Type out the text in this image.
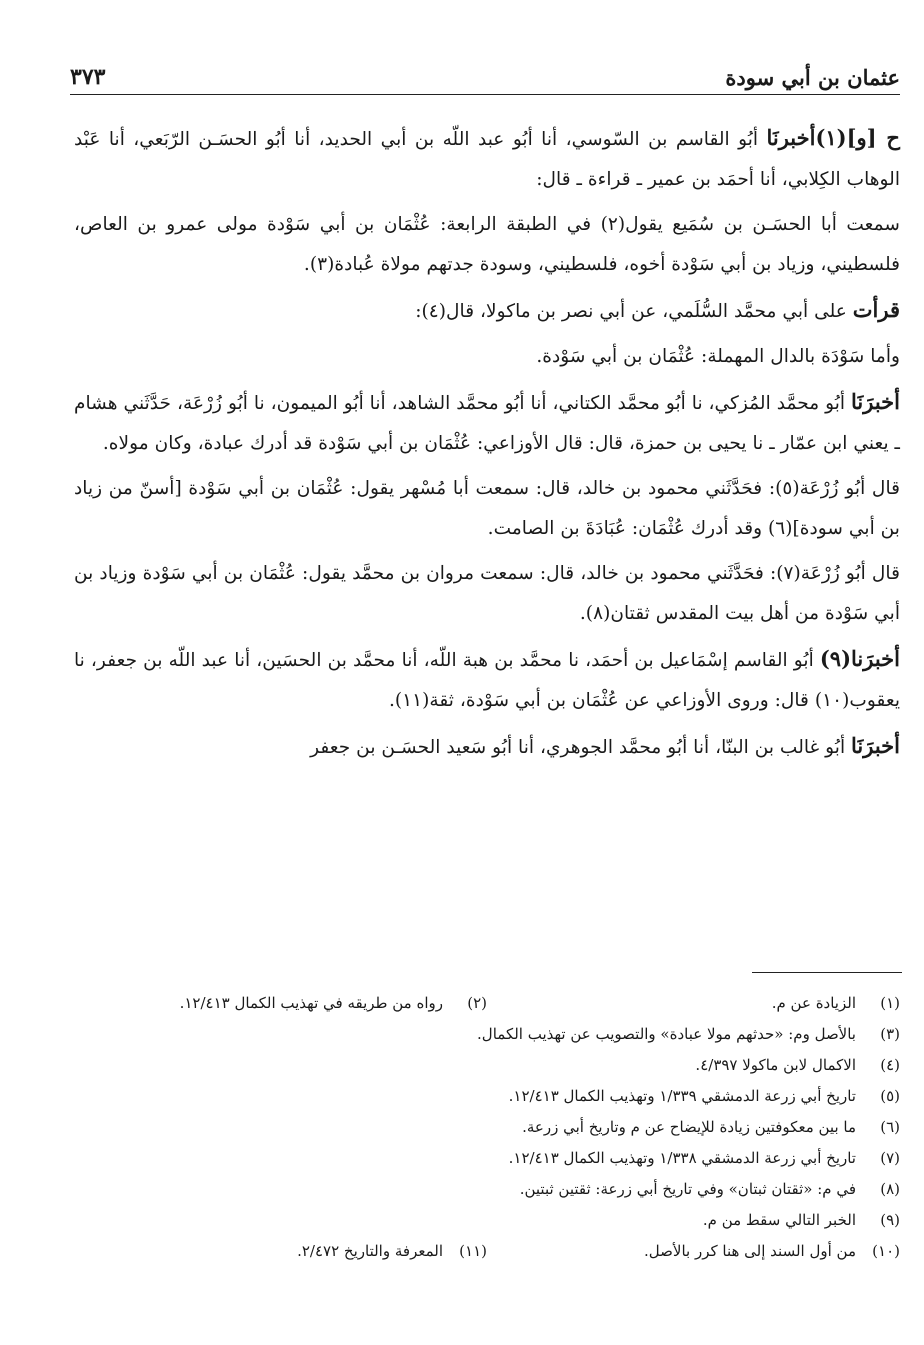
عثمان بن أبي سودة
٣٧٣

ح [و](١)أخبرنَا أبُو القاسم بن السّوسي، أنا أبُو عبد اللّه بن أبي الحديد، أنا أبُو الحسَـن الرّبَعي، أنا عَبْد الوهاب الكِلابي، أنا أحمَد بن عمير ـ قراءة ـ قال:

سمعت أبا الحسَـن بن سُمَيع يقول(٢) في الطبقة الرابعة: عُثْمَان بن أبي سَوْدة مولى عمرو بن العاص، فلسطيني، وزياد بن أبي سَوْدة أخوه، فلسطيني، وسودة جدتهم مولاة عُبادة(٣).

قرأت على أبي محمَّد السُّلَمي، عن أبي نصر بن ماكولا، قال(٤):

وأما سَوْدَة بالدال المهملة: عُثْمَان بن أبي سَوْدة.

أخبرَنَا أبُو محمَّد المُزكي، نا أبُو محمَّد الكتاني، أنا أبُو محمَّد الشاهد، أنا أبُو الميمون، نا أبُو زُرْعَة، حَدَّثَني هشام ـ يعني ابن عمّار ـ نا يحيى بن حمزة، قال: قال الأوزاعي: عُثْمَان بن أبي سَوْدة قد أدرك عبادة، وكان مولاه.

قال أبُو زُرْعَة(٥): فحَدَّثَني محمود بن خالد، قال: سمعت أبا مُسْهر يقول: عُثْمَان بن أبي سَوْدة [أسنّ من زياد بن أبي سودة](٦) وقد أدرك عُثْمَان: عُبَادَةَ بن الصامت.

قال أبُو زُرْعَة(٧): فحَدَّثَني محمود بن خالد، قال: سمعت مروان بن محمَّد يقول: عُثْمَان بن أبي سَوْدة وزياد بن أبي سَوْدة من أهل بيت المقدس ثقتان(٨).

أخبرَنا(٩) أبُو القاسم إسْمَاعيل بن أحمَد، نا محمَّد بن هبة اللّه، أنا محمَّد بن الحسَين، أنا عبد اللّه بن جعفر، نا يعقوب(١٠) قال: وروى الأوزاعي عن عُثْمَان بن أبي سَوْدة، ثقة(١١).

أخبرَنَا أبُو غالب بن البنّا، أنا أبُو محمَّد الجوهري، أنا أبُو سَعيد الحسَـن بن جعفر

(١)
الزيادة عن م.
(٢)
رواه من طريقه في تهذيب الكمال ١٢/٤١٣.
(٣)
بالأصل وم: «حدثهم مولا عبادة» والتصويب عن تهذيب الكمال.
(٤)
الاكمال لابن ماكولا ٤/٣٩٧.
(٥)
تاريخ أبي زرعة الدمشقي ١/٣٣٩ وتهذيب الكمال ١٢/٤١٣.
(٦)
ما بين معكوفتين زيادة للإيضاح عن م وتاريخ أبي زرعة.
(٧)
تاريخ أبي زرعة الدمشقي ١/٣٣٨ وتهذيب الكمال ١٢/٤١٣.
(٨)
في م: «ثقتان ثبتان» وفي تاريخ أبي زرعة: ثقتين ثبتين.
(٩)
الخبر التالي سقط من م.
(١٠)
من أول السند إلى هنا كرر بالأصل.
(١١)
المعرفة والتاريخ ٢/٤٧٢.
